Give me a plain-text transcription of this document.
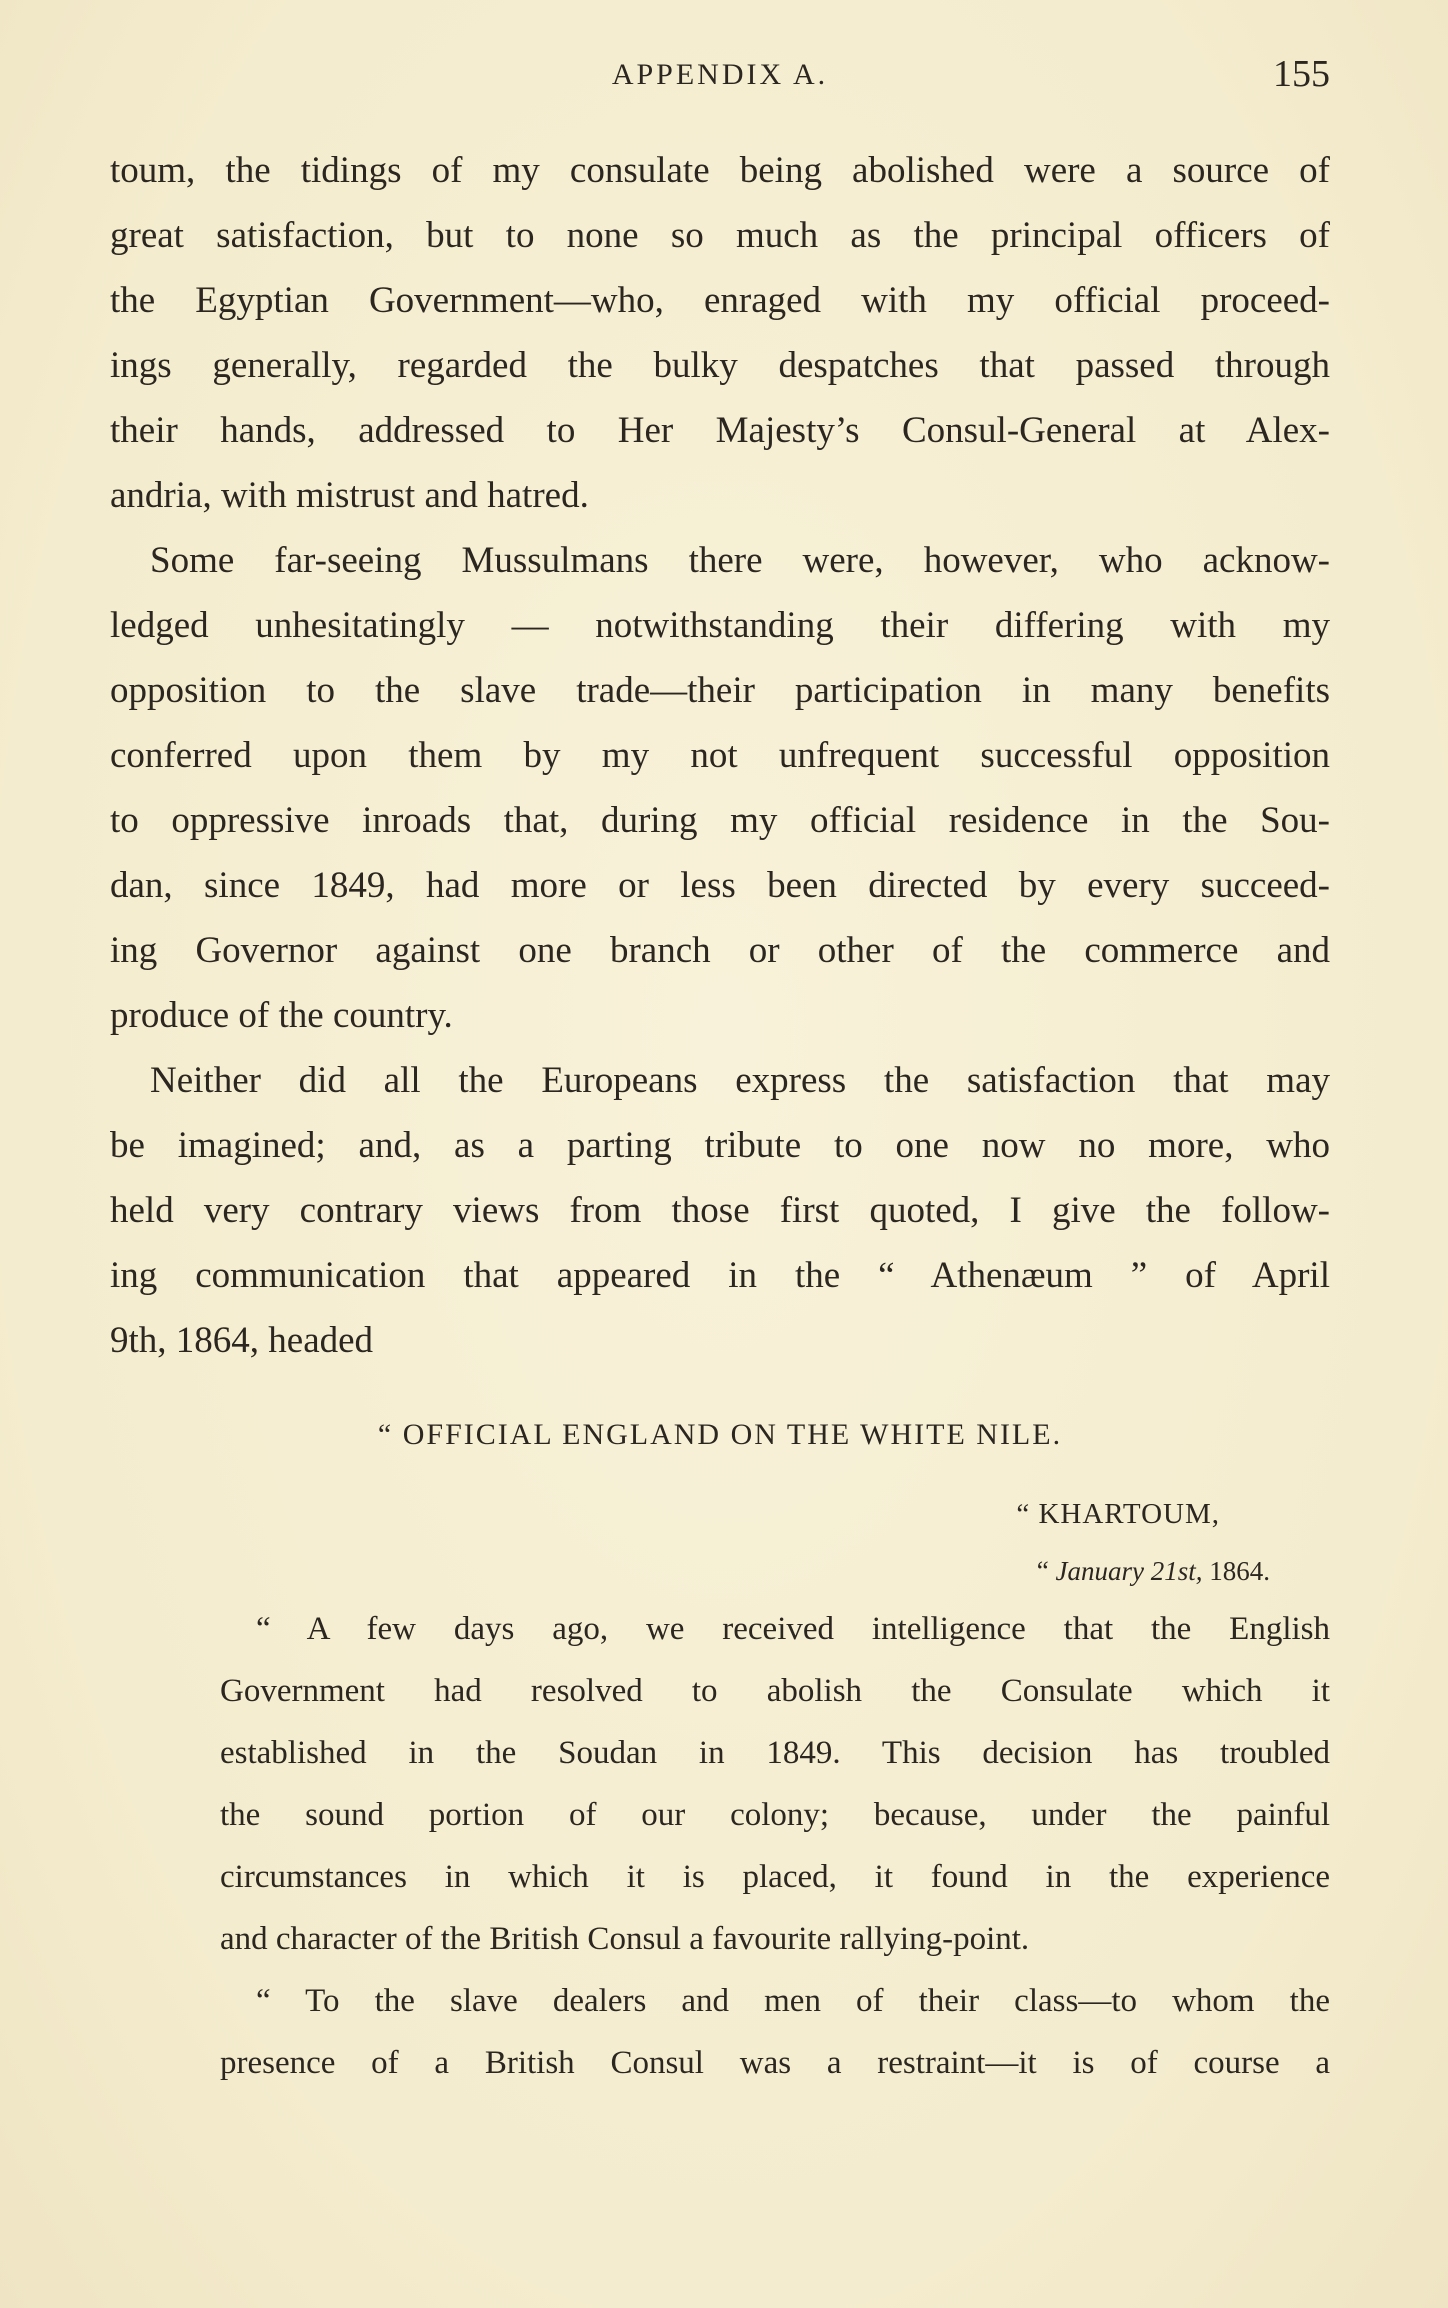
APPENDIX A.	155

toum, the tidings of my consulate being abolished were a source of
great satisfaction, but to none so much as the principal officers of
the Egyptian Government—who, enraged with my official proceed-
ings generally, regarded the bulky despatches that passed through
their hands, addressed to Her Majesty’s Consul-General at Alex-
andria, with mistrust and hatred.

Some far-seeing Mussulmans there were, however, who acknow-
ledged unhesitatingly — notwithstanding their differing with my
opposition to the slave trade—their participation in many benefits
conferred upon them by my not unfrequent successful opposition
to oppressive inroads that, during my official residence in the Sou-
dan, since 1849, had more or less been directed by every succeed-
ing Governor against one branch or other of the commerce and
produce of the country.

Neither did all the Europeans express the satisfaction that may
be imagined; and, as a parting tribute to one now no more, who
held very contrary views from those first quoted, I give the follow-
ing communication that appeared in the “ Athenæum ” of April
9th, 1864, headed

“ OFFICIAL ENGLAND ON THE WHITE NILE.
“ KHARTOUM,
“ January 21st, 1864.

“ A few days ago, we received intelligence that the English
Government had resolved to abolish the Consulate which it
established in the Soudan in 1849. This decision has troubled
the sound portion of our colony; because, under the painful
circumstances in which it is placed, it found in the experience
and character of the British Consul a favourite rallying-point.

“ To the slave dealers and men of their class—to whom the
presence of a British Consul was a restraint—it is of course a
